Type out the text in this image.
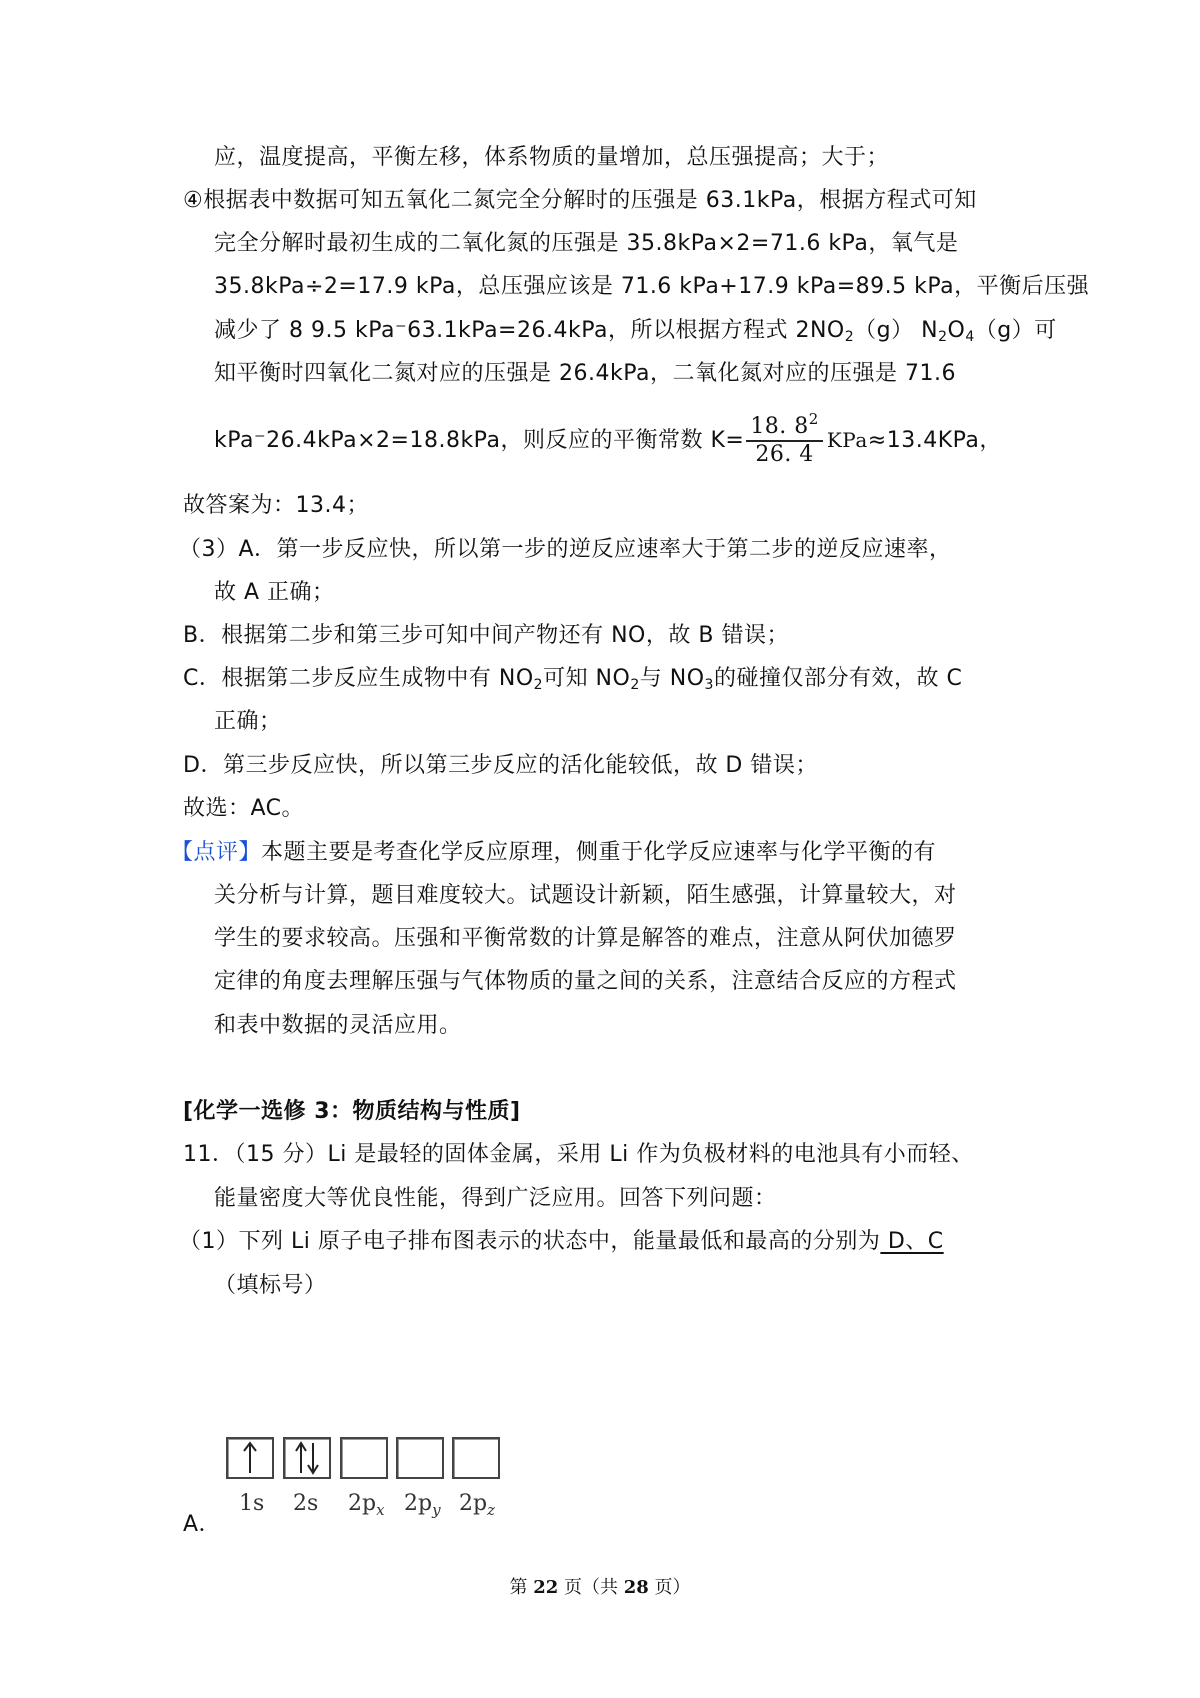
应，温度提高，平衡左移，体系物质的量增加，总压强提高；大于；
④根据表中数据可知五氧化二氮完全分解时的压强是 63.1kPa，根据方程式可知
完全分解时最初生成的二氧化氮的压强是 35.8kPa×2=71.6 kPa，氧气是
35.8kPa÷2=17.9 kPa，总压强应该是 71.6 kPa+17.9 kPa=89.5 kPa，平衡后压强
减少了 8 9.5 kPa⁻63.1kPa=26.4kPa，所以根据方程式 $2NO_2(g)$ $N_2O_4(g)$可
知平衡时四氧化二氮对应的压强是 26.4kPa，二氧化氮对应的压强是 71.6
kPa⁻26.4kPa×2=18.8kPa，则反应的平衡常数 $K= \frac{18. 8^2}{26. 4} KPa\approx 13.4KPa$，
故答案为：13.4；
（3）A．第一步反应快，所以第一步的逆反应速率大于第二步的逆反应速率，
故 A 正确；
B．根据第二步和第三步可知中间产物还有 NO，故 B 错误；
C．根据第二步反应生成物中有 $NO_2$可知 $NO_2$与 $NO_3$的碰撞仅部分有效，故 C
正确；
D．第三步反应快，所以第三步反应的活化能较低，故 D 错误；
故选：AC。
【点评】本题主要是考查化学反应原理，侧重于化学反应速率与化学平衡的有
关分析与计算，题目难度较大。试题设计新颖，陌生感强，计算量较大，对
学生的要求较高。压强和平衡常数的计算是解答的难点，注意从阿伏加德罗
定律的角度去理解压强与气体物质的量之间的关系，注意结合反应的方程式
和表中数据的灵活应用。
[化学一选修 3：物质结构与性质]
11．（15 分）Li 是最轻的固体金属，采用 Li 作为负极材料的电池具有小而轻、
能量密度大等优良性能，得到广泛应用。回答下列问题：
（1）下列 Li 原子电子排布图表示的状态中，能量最低和最高的分别为 D、C
（填标号）
1s 2s $2p_x$ $2p_y$ $2p_z$
A．
第 22 页（共 28 页）
